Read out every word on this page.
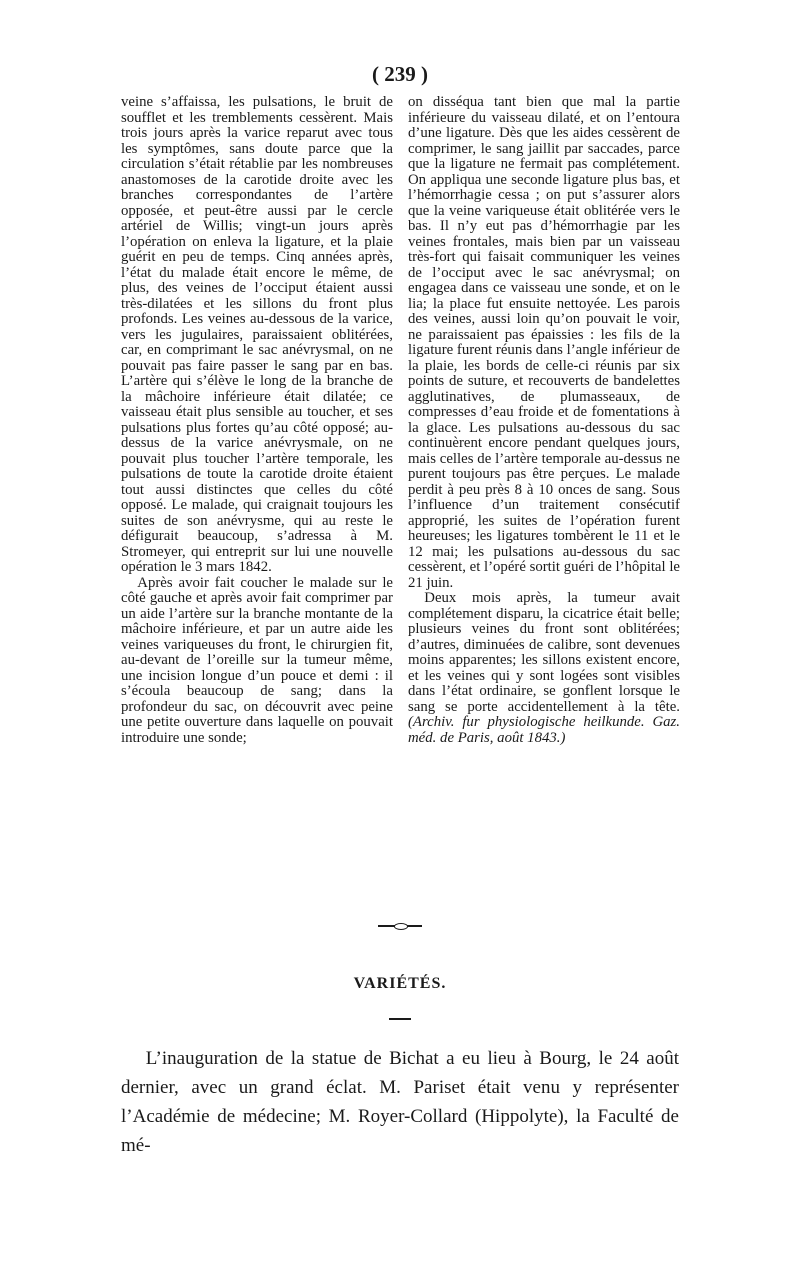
( 239 )

veine s’affaissa, les pulsations, le bruit de soufflet et les tremblements cessèrent. Mais trois jours après la varice reparut avec tous les symptômes, sans doute parce que la circulation s’était rétablie par les nombreuses anastomoses de la carotide droite avec les branches correspondantes de l’artère opposée, et peut-être aussi par le cercle artériel de Willis; vingt-un jours après l’opération on enleva la ligature, et la plaie guérit en peu de temps. Cinq années après, l’état du malade était encore le même, de plus, des veines de l’occiput étaient aussi très-dilatées et les sillons du front plus profonds. Les veines au-dessous de la varice, vers les jugulaires, paraissaient oblitérées, car, en comprimant le sac anévrysmal, on ne pouvait pas faire passer le sang par en bas. L’artère qui s’élève le long de la branche de la mâchoire inférieure était dilatée; ce vaisseau était plus sensible au toucher, et ses pulsations plus fortes qu’au côté opposé; au-dessus de la varice anévrysmale, on ne pouvait plus toucher l’artère temporale, les pulsations de toute la carotide droite étaient tout aussi distinctes que celles du côté opposé. Le malade, qui craignait toujours les suites de son anévrysme, qui au reste le défigurait beaucoup, s’adressa à M. Stromeyer, qui entreprit sur lui une nouvelle opération le 3 mars 1842.

Après avoir fait coucher le malade sur le côté gauche et après avoir fait comprimer par un aide l’artère sur la branche montante de la mâchoire inférieure, et par un autre aide les veines variqueuses du front, le chirurgien fit, au-devant de l’oreille sur la tumeur même, une incision longue d’un pouce et demi : il s’écoula beaucoup de sang; dans la profondeur du sac, on découvrit avec peine une petite ouverture dans laquelle on pouvait introduire une sonde;

on disséqua tant bien que mal la partie inférieure du vaisseau dilaté, et on l’entoura d’une ligature. Dès que les aides cessèrent de comprimer, le sang jaillit par saccades, parce que la ligature ne fermait pas complétement. On appliqua une seconde ligature plus bas, et l’hémorrhagie cessa ; on put s’assurer alors que la veine variqueuse était oblitérée vers le bas. Il n’y eut pas d’hémorrhagie par les veines frontales, mais bien par un vaisseau très-fort qui faisait communiquer les veines de l’occiput avec le sac anévrysmal; on engagea dans ce vaisseau une sonde, et on le lia; la place fut ensuite nettoyée. Les parois des veines, aussi loin qu’on pouvait le voir, ne paraissaient pas épaissies : les fils de la ligature furent réunis dans l’angle inférieur de la plaie, les bords de celle-ci réunis par six points de suture, et recouverts de bandelettes agglutinatives, de plumasseaux, de compresses d’eau froide et de fomentations à la glace. Les pulsations au-dessous du sac continuèrent encore pendant quelques jours, mais celles de l’artère temporale au-dessus ne purent toujours pas être perçues. Le malade perdit à peu près 8 à 10 onces de sang. Sous l’influence d’un traitement consécutif approprié, les suites de l’opération furent heureuses; les ligatures tombèrent le 11 et le 12 mai; les pulsations au-dessous du sac cessèrent, et l’opéré sortit guéri de l’hôpital le 21 juin.

Deux mois après, la tumeur avait complétement disparu, la cicatrice était belle; plusieurs veines du front sont oblitérées; d’autres, diminuées de calibre, sont devenues moins apparentes; les sillons existent encore, et les veines qui y sont logées sont visibles dans l’état ordinaire, se gonflent lorsque le sang se porte accidentellement à la tête. (Archiv. fur physiologische heilkunde. Gaz. méd. de Paris, août 1843.)

VARIÉTÉS.

L’inauguration de la statue de Bichat a eu lieu à Bourg, le 24 août dernier, avec un grand éclat. M. Pariset était venu y représenter l’Académie de médecine; M. Royer-Collard (Hippolyte), la Faculté de mé-
